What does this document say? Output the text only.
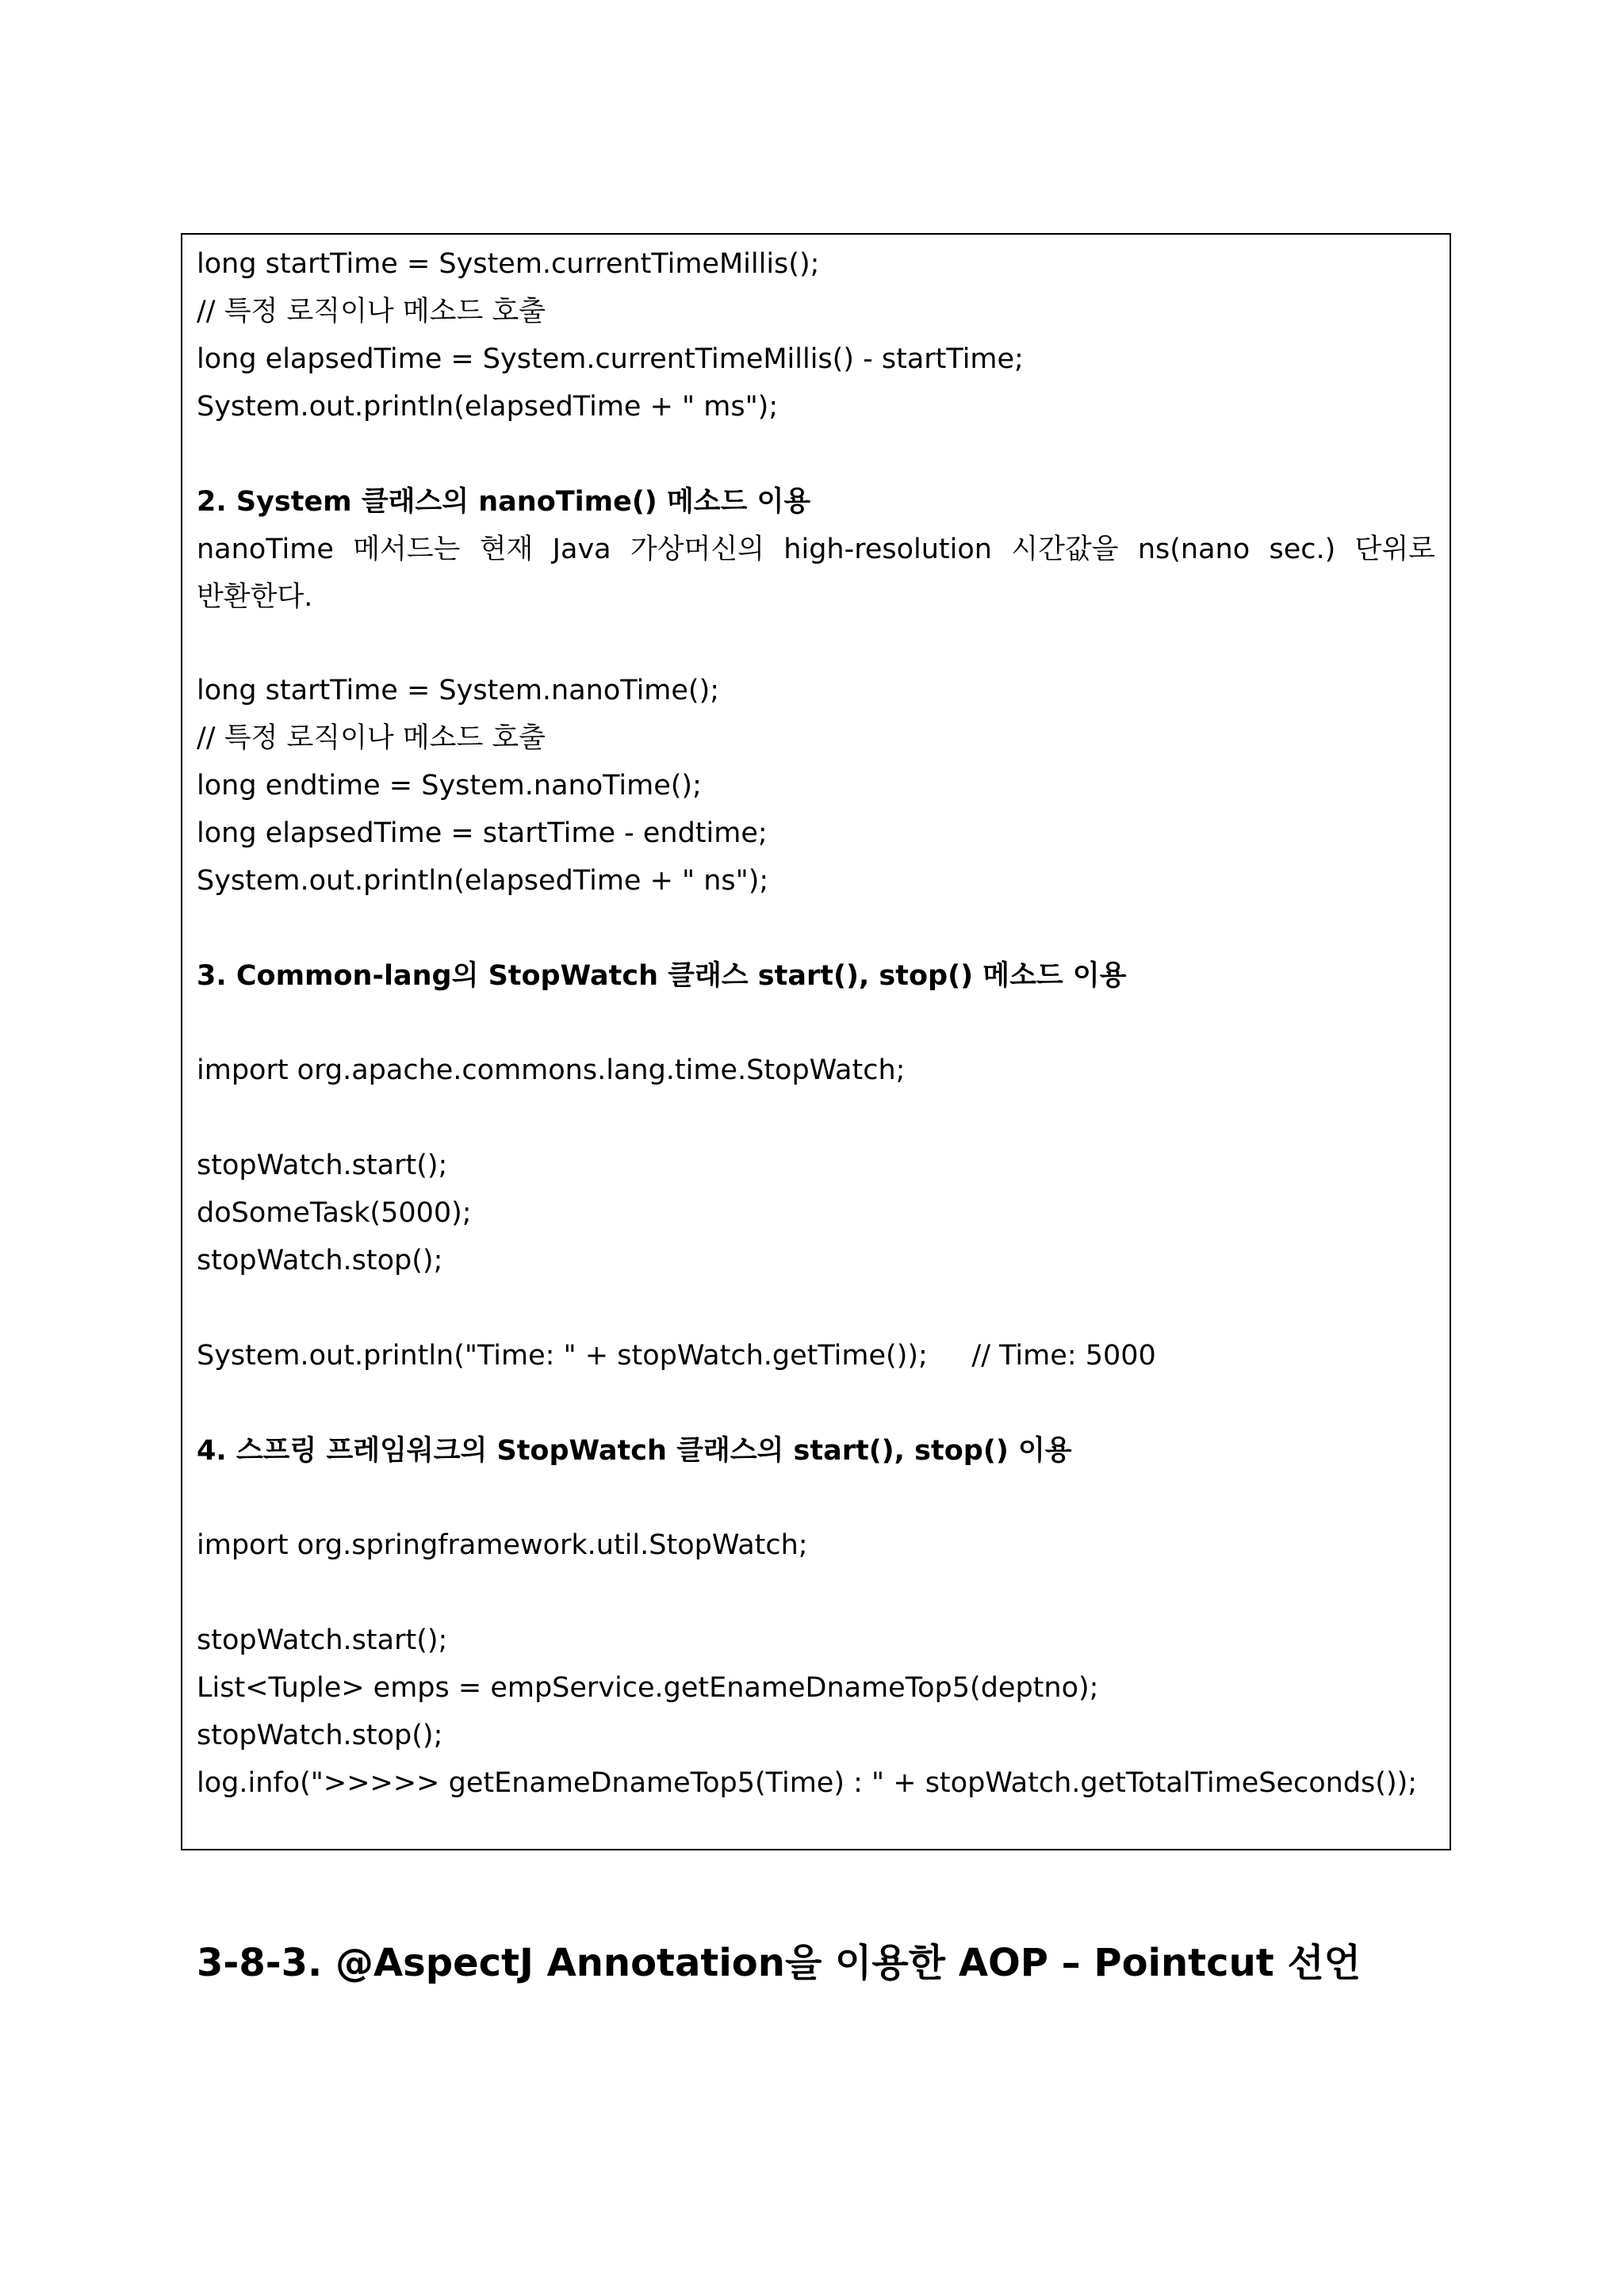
long startTime = System.currentTimeMillis();
// 특정 로직이나 메소드 호출
long elapsedTime = System.currentTimeMillis() - startTime;
System.out.println(elapsedTime + " ms");
2. System 클래스의 nanoTime() 메소드 이용
nanoTime 메서드는 현재 Java 가상머신의 high-resolution 시간값을 ns(nano sec.) 단위로 반환한다.
long startTime = System.nanoTime();
// 특정 로직이나 메소드 호출
long endtime = System.nanoTime();
long elapsedTime = startTime - endtime;
System.out.println(elapsedTime + " ns");
3. Common-lang의 StopWatch 클래스 start(), stop() 메소드 이용
import org.apache.commons.lang.time.StopWatch;
stopWatch.start();
doSomeTask(5000);
stopWatch.stop();
System.out.println("Time: " + stopWatch.getTime());     // Time: 5000
4. 스프링 프레임워크의 StopWatch 클래스의 start(), stop() 이용
import org.springframework.util.StopWatch;
stopWatch.start();
List<Tuple> emps = empService.getEnameDnameTop5(deptno);
stopWatch.stop();
log.info(">>>>> getEnameDnameTop5(Time) : " + stopWatch.getTotalTimeSeconds());
3-8-3. @AspectJ Annotation을 이용한 AOP – Pointcut 선언
